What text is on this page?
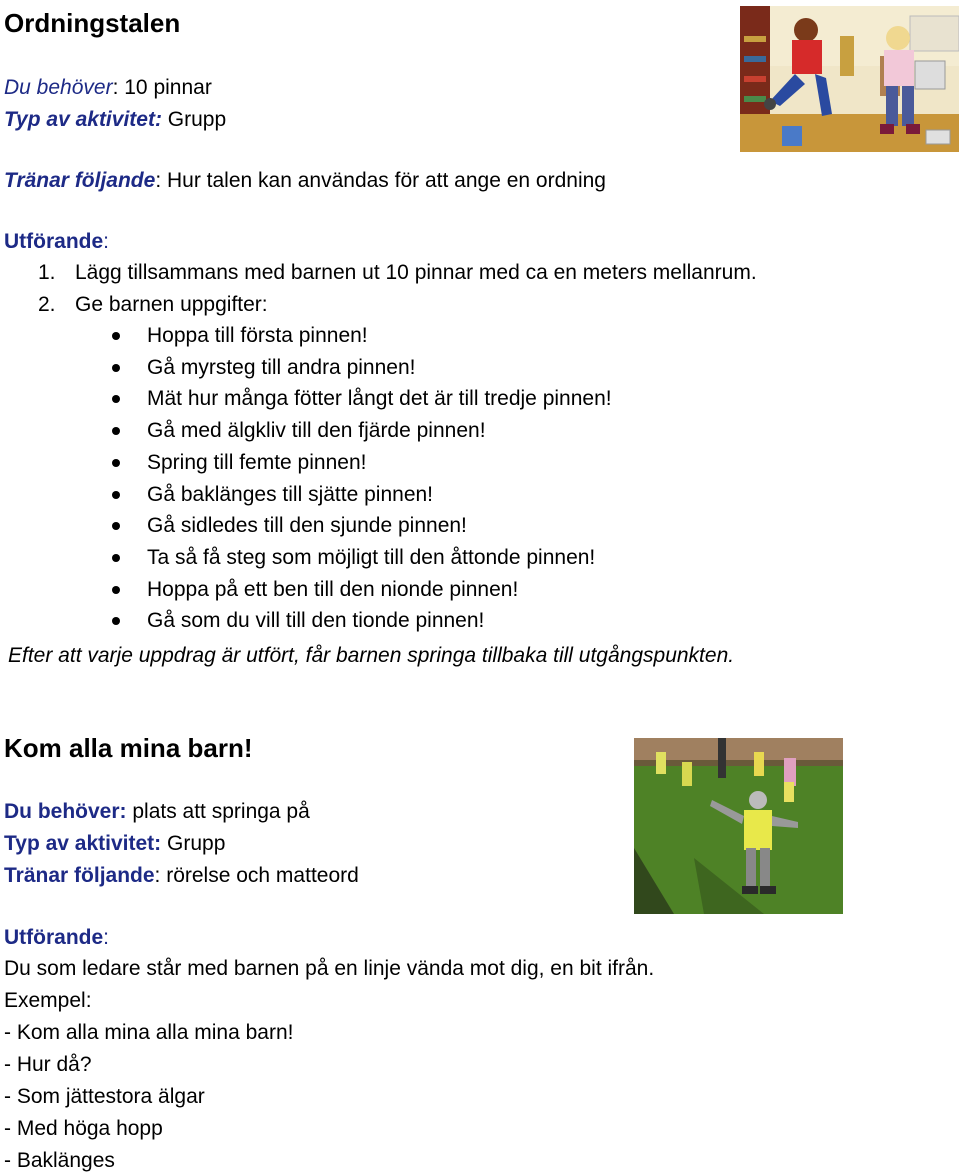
Ordningstalen
Du behöver: 10 pinnar
Typ av aktivitet: Grupp
Tränar följande: Hur talen kan användas för att ange en ordning
Utförande:
1. Lägg tillsammans med barnen ut 10 pinnar med ca en meters mellanrum.
2. Ge barnen uppgifter:
Hoppa till första pinnen!
Gå myrsteg till andra pinnen!
Mät hur många fötter långt det är till tredje pinnen!
Gå med älgkliv till den fjärde pinnen!
Spring till femte pinnen!
Gå baklänges till sjätte pinnen!
Gå sidledes till den sjunde pinnen!
Ta så få steg som möjligt till den åttonde pinnen!
Hoppa på ett ben till den nionde pinnen!
Gå som du vill till den tionde pinnen!
Efter att varje uppdrag är utfört, får barnen springa tillbaka till utgångspunkten.
Kom alla mina barn!
Du behöver: plats att springa på
Typ av aktivitet: Grupp
Tränar följande: rörelse och matteord
Utförande:
Du som ledare står med barnen på en linje vända mot dig, en bit ifrån.
Exempel:
- Kom alla mina alla mina barn!
- Hur då?
- Som jättestora älgar
- Med höga hopp
- Baklänges
